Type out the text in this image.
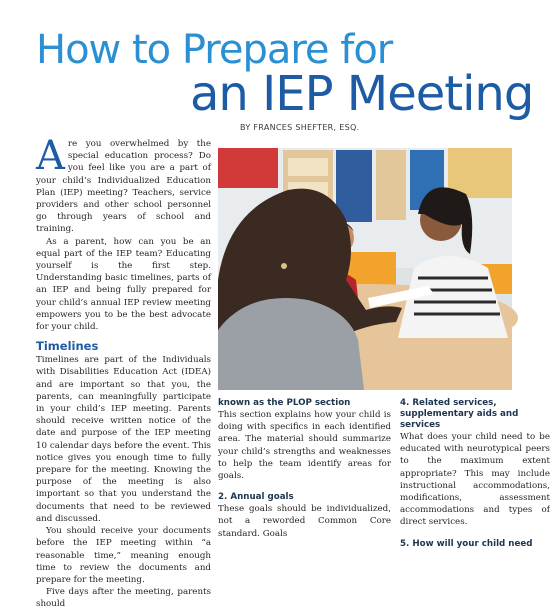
How to Prepare for
an IEP Meeting
BY FRANCES SHEFTER, ESQ.

Are you overwhelmed by the special education process? Do you feel like you are a part of your child’s Individualized Education Plan (IEP) meeting? Teachers, service providers and other school personnel go through years of school and training.

As a parent, how can you be an equal part of the IEP team? Educating yourself is the first step. Understanding basic timelines, parts of an IEP and being fully prepared for your child’s annual IEP review meeting empowers you to be the best advocate for your child.

Timelines

Timelines are part of the Individuals with Disabilities Education Act (IDEA) and are important so that you, the parents, can meaningfully participate in your child’s IEP meeting. Parents should receive written notice of the date and purpose of the IEP meeting 10 calendar days before the event. This notice gives you enough time to fully prepare for the meeting. Knowing the purpose of the meeting is also important so that you understand the documents that need to be reviewed and discussed.

You should receive your documents before the IEP meeting within “a reasonable time,” meaning enough time to review the documents and prepare for the meeting.

Five days after the meeting, parents should

known as the PLOP section

This section explains how your child is doing with specifics in each identified area. The material should summarize your child’s strengths and weaknesses to help the team identify areas for goals.

2. Annual goals

These goals should be individualized, not a reworded Common Core standard. Goals

4. Related services, supplementary aids and services

What does your child need to be educated with neurotypical peers to the maximum extent appropriate? This may include instructional accommodations, modifications, assessment accommodations and types of direct services.

5. How will your child need
